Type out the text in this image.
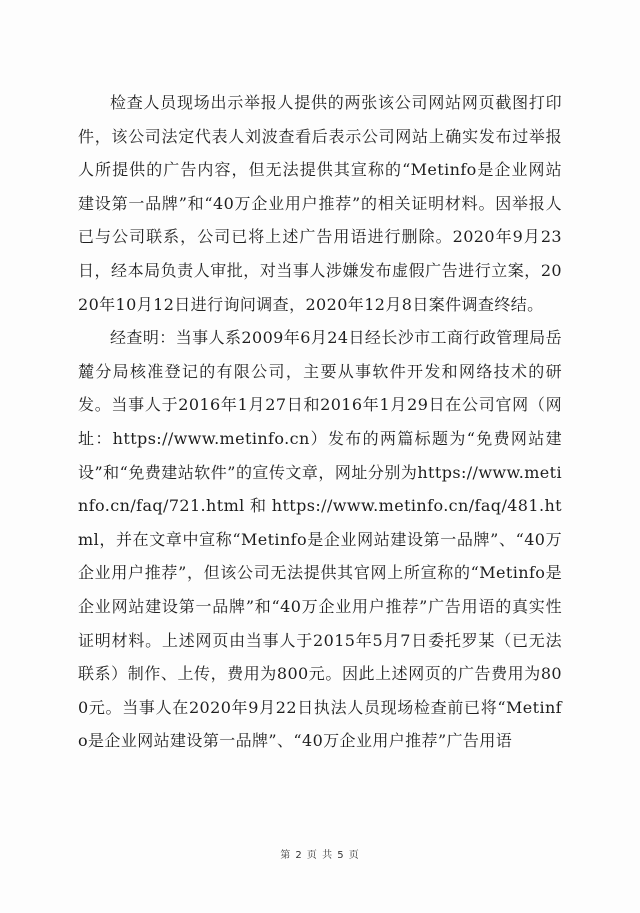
检查人员现场出示举报人提供的两张该公司网站网页截图打印件，该公司法定代表人刘波查看后表示公司网站上确实发布过举报人所提供的广告内容，但无法提供其宣称的“Metinfo是企业网站建设第一品牌”和“40万企业用户推荐”的相关证明材料。因举报人已与公司联系，公司已将上述广告用语进行删除。2020年9月23日，经本局负责人审批，对当事人涉嫌发布虚假广告进行立案，2020年10月12日进行询问调查，2020年12月8日案件调查终结。

经查明：当事人系2009年6月24日经长沙市工商行政管理局岳麓分局核准登记的有限公司，主要从事软件开发和网络技术的研发。当事人于2016年1月27日和2016年1月29日在公司官网（网址：https://www.metinfo.cn）发布的两篇标题为“免费网站建设”和“免费建站软件”的宣传文章，网址分别为https://www.metinfo.cn/faq/721.html和https://www.metinfo.cn/faq/481.html，并在文章中宣称“Metinfo是企业网站建设第一品牌”、“40万企业用户推荐”，但该公司无法提供其官网上所宣称的“Metinfo是企业网站建设第一品牌”和“40万企业用户推荐”广告用语的真实性证明材料。上述网页由当事人于2015年5月7日委托罗某（已无法联系）制作、上传，费用为800元。因此上述网页的广告费用为800元。当事人在2020年9月22日执法人员现场检查前已将“Metinfo是企业网站建设第一品牌”、“40万企业用户推荐”广告用语

第 2 页 共 5 页
